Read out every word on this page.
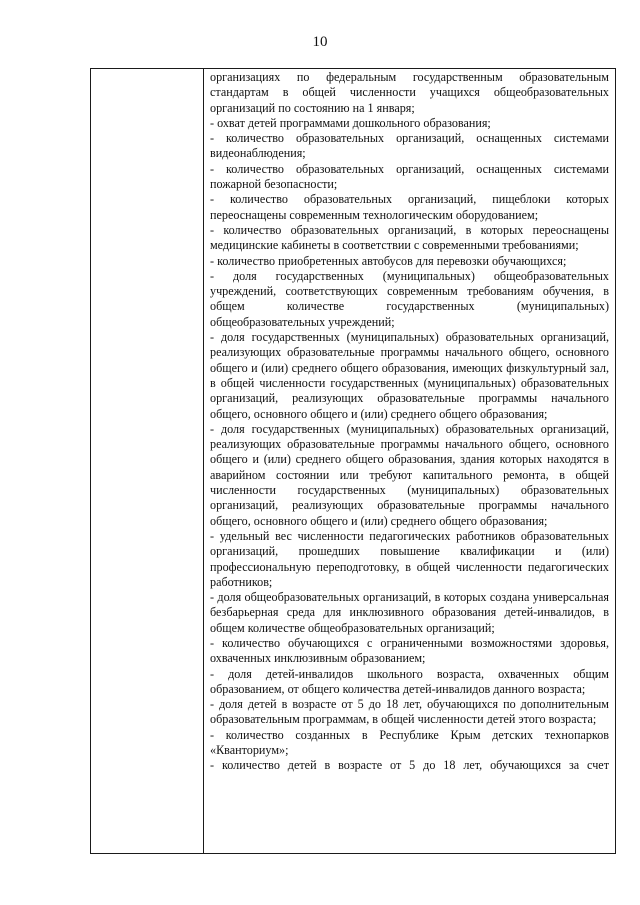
10

организациях по федеральным государственным образовательным стандартам в общей численности учащихся общеобразовательных организаций по состоянию на 1 января;
- охват детей программами дошкольного образования;
- количество образовательных организаций, оснащенных системами видеонаблюдения;
- количество образовательных организаций, оснащенных системами пожарной безопасности;
- количество образовательных организаций, пищеблоки которых переоснащены современным технологическим оборудованием;
- количество образовательных организаций, в которых переоснащены медицинские кабинеты в соответствии с современными требованиями;
- количество приобретенных автобусов для перевозки обучающихся;
- доля государственных (муниципальных) общеобразовательных учреждений, соответствующих современным требованиям обучения, в общем количестве государственных (муниципальных) общеобразовательных учреждений;
- доля государственных (муниципальных) образовательных организаций, реализующих образовательные программы начального общего, основного общего и (или) среднего общего образования, имеющих физкультурный зал, в общей численности государственных (муниципальных) образовательных организаций, реализующих образовательные программы начального общего, основного общего и (или) среднего общего образования;
- доля государственных (муниципальных) образовательных организаций, реализующих образовательные программы начального общего, основного общего и (или) среднего общего образования, здания которых находятся в аварийном состоянии или требуют капитального ремонта, в общей численности государственных (муниципальных) образовательных организаций, реализующих образовательные программы начального общего, основного общего и (или) среднего общего образования;
- удельный вес численности педагогических работников образовательных организаций, прошедших повышение квалификации и (или) профессиональную переподготовку, в общей численности педагогических работников;
- доля общеобразовательных организаций, в которых создана универсальная безбарьерная среда для инклюзивного образования детей-инвалидов, в общем количестве общеобразовательных организаций;
- количество обучающихся с ограниченными возможностями здоровья, охваченных инклюзивным образованием;
- доля детей-инвалидов школьного возраста, охваченных общим образованием, от общего количества детей-инвалидов данного возраста;
- доля детей в возрасте от 5 до 18 лет, обучающихся по дополнительным образовательным программам, в общей численности детей этого возраста;
- количество созданных в Республике Крым детских технопарков «Кванториум»;
- количество детей в возрасте от 5 до 18 лет, обучающихся за счет
